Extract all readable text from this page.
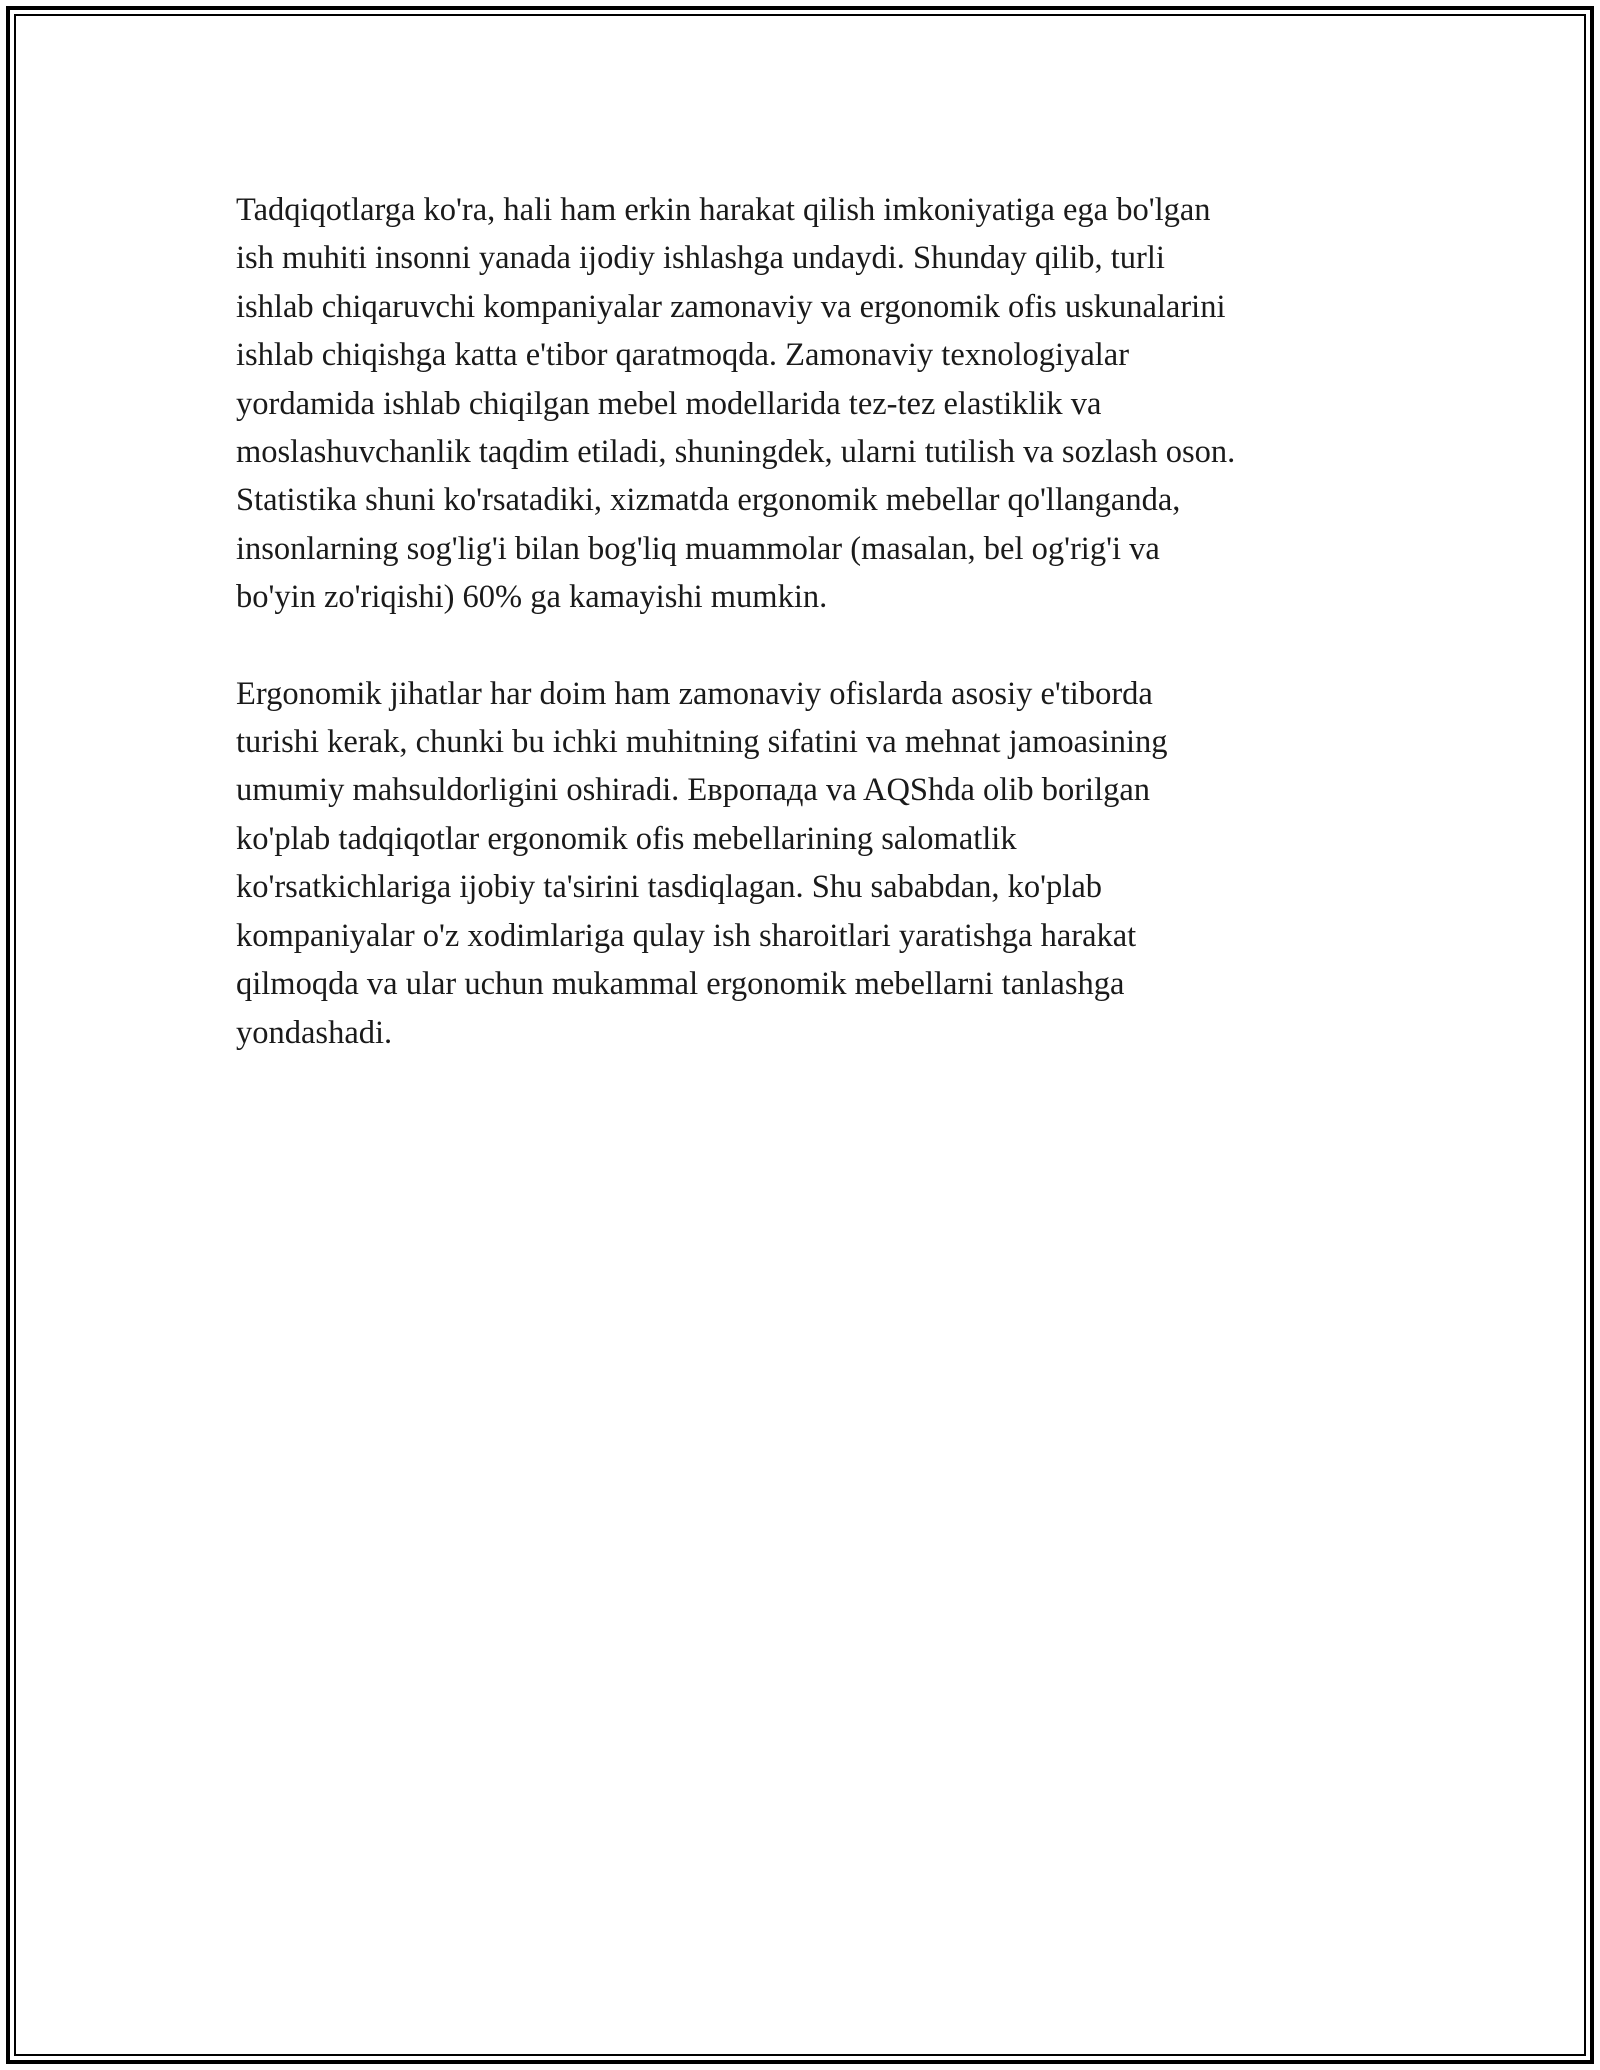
Tadqiqotlarga ko'ra, hali ham erkin harakat qilish imkoniyatiga ega bo'lgan
ish muhiti insonni yanada ijodiy ishlashga undaydi. Shunday qilib, turli
ishlab chiqaruvchi kompaniyalar zamonaviy va ergonomik ofis uskunalarini
ishlab chiqishga katta e'tibor qaratmoqda. Zamonaviy texnologiyalar
yordamida ishlab chiqilgan mebel modellarida tez-tez elastiklik va
moslashuvchanlik taqdim etiladi, shuningdek, ularni tutilish va sozlash oson.
Statistika shuni ko'rsatadiki, xizmatda ergonomik mebellar qo'llanganda,
insonlarning sog'lig'i bilan bog'liq muammolar (masalan, bel og'rig'i va
bo'yin zo'riqishi) 60% ga kamayishi mumkin.

Ergonomik jihatlar har doim ham zamonaviy ofislarda asosiy e'tiborda
turishi kerak, chunki bu ichki muhitning sifatini va mehnat jamoasining
umumiy mahsuldorligini oshiradi. Европада va AQShda olib borilgan
ko'plab tadqiqotlar ergonomik ofis mebellarining salomatlik
ko'rsatkichlariga ijobiy ta'sirini tasdiqlagan. Shu sababdan, ko'plab
kompaniyalar o'z xodimlariga qulay ish sharoitlari yaratishga harakat
qilmoqda va ular uchun mukammal ergonomik mebellarni tanlashga
yondashadi.
